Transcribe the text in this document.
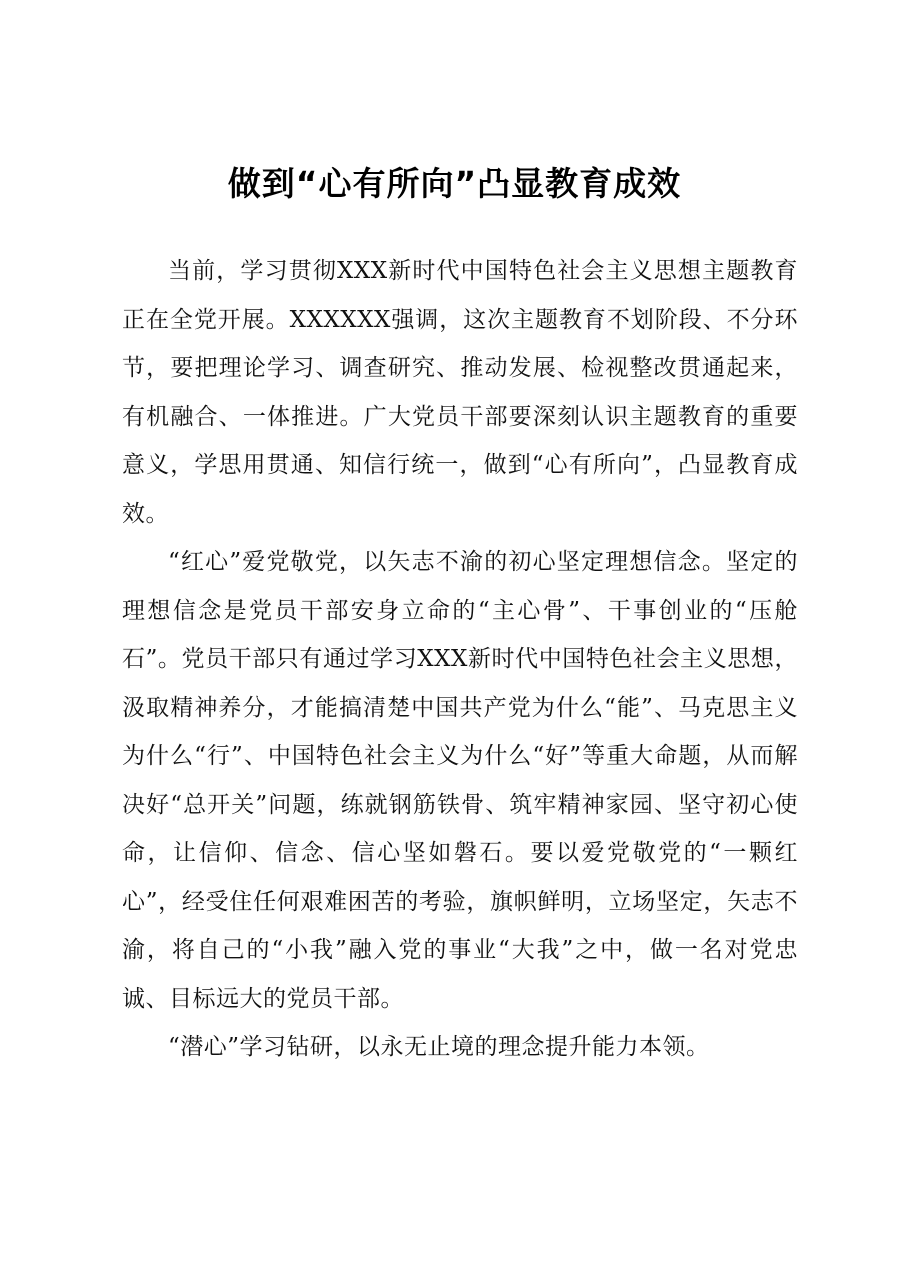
做到“心有所向”凸显教育成效

当前，学习贯彻XXX新时代中国特色社会主义思想主题教育正在全党开展。XXXXXX强调，这次主题教育不划阶段、不分环节，要把理论学习、调查研究、推动发展、检视整改贯通起来，有机融合、一体推进。广大党员干部要深刻认识主题教育的重要意义，学思用贯通、知信行统一，做到“心有所向”，凸显教育成效。

“红心”爱党敬党，以矢志不渝的初心坚定理想信念。坚定的理想信念是党员干部安身立命的“主心骨”、干事创业的“压舱石”。党员干部只有通过学习XXX新时代中国特色社会主义思想，汲取精神养分，才能搞清楚中国共产党为什么“能”、马克思主义为什么“行”、中国特色社会主义为什么“好”等重大命题，从而解决好“总开关”问题，练就钢筋铁骨、筑牢精神家园、坚守初心使命，让信仰、信念、信心坚如磐石。要以爱党敬党的“一颗红心”，经受住任何艰难困苦的考验，旗帜鲜明，立场坚定，矢志不渝，将自己的“小我”融入党的事业“大我”之中，做一名对党忠诚、目标远大的党员干部。

“潜心”学习钻研，以永无止境的理念提升能力本领。
